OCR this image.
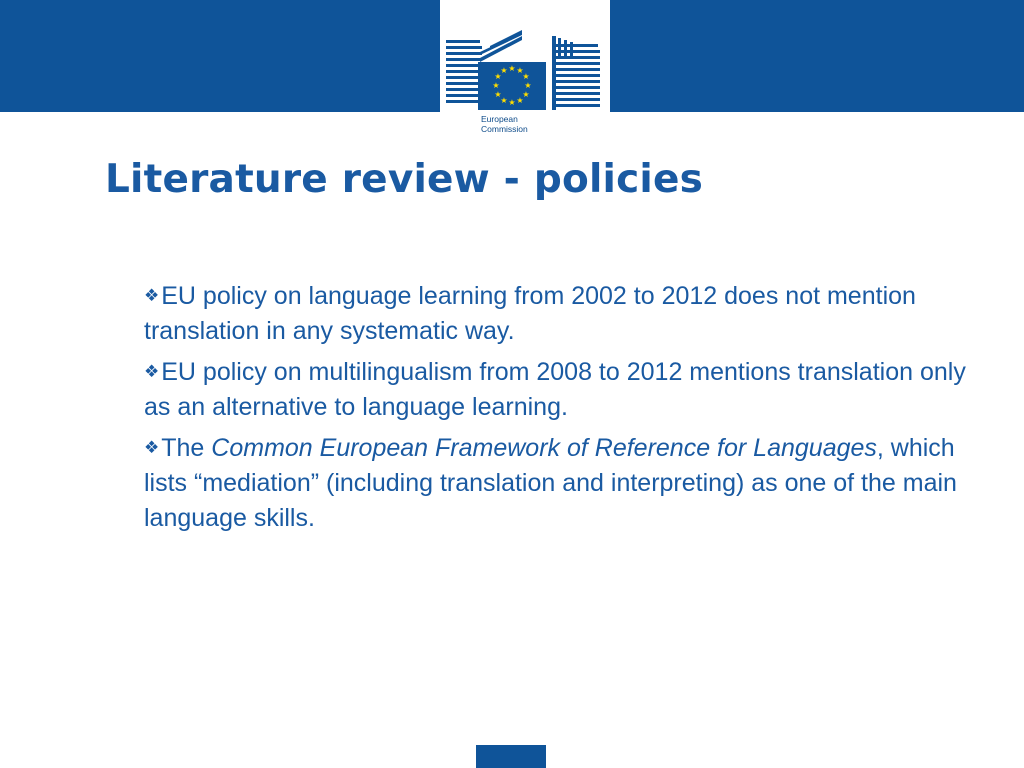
★ ★
★
★
★
★
★
★
★
★
★
★
European
Commission
Literature review - policies
❖EU policy on language learning from 2002 to 2012 does not mention translation in any systematic way.
❖EU policy on multilingualism from 2008 to 2012 mentions translation only as an alternative to language learning.
❖The Common European Framework of Reference for Languages, which lists “mediation” (including translation and interpreting) as one of the main language skills.
